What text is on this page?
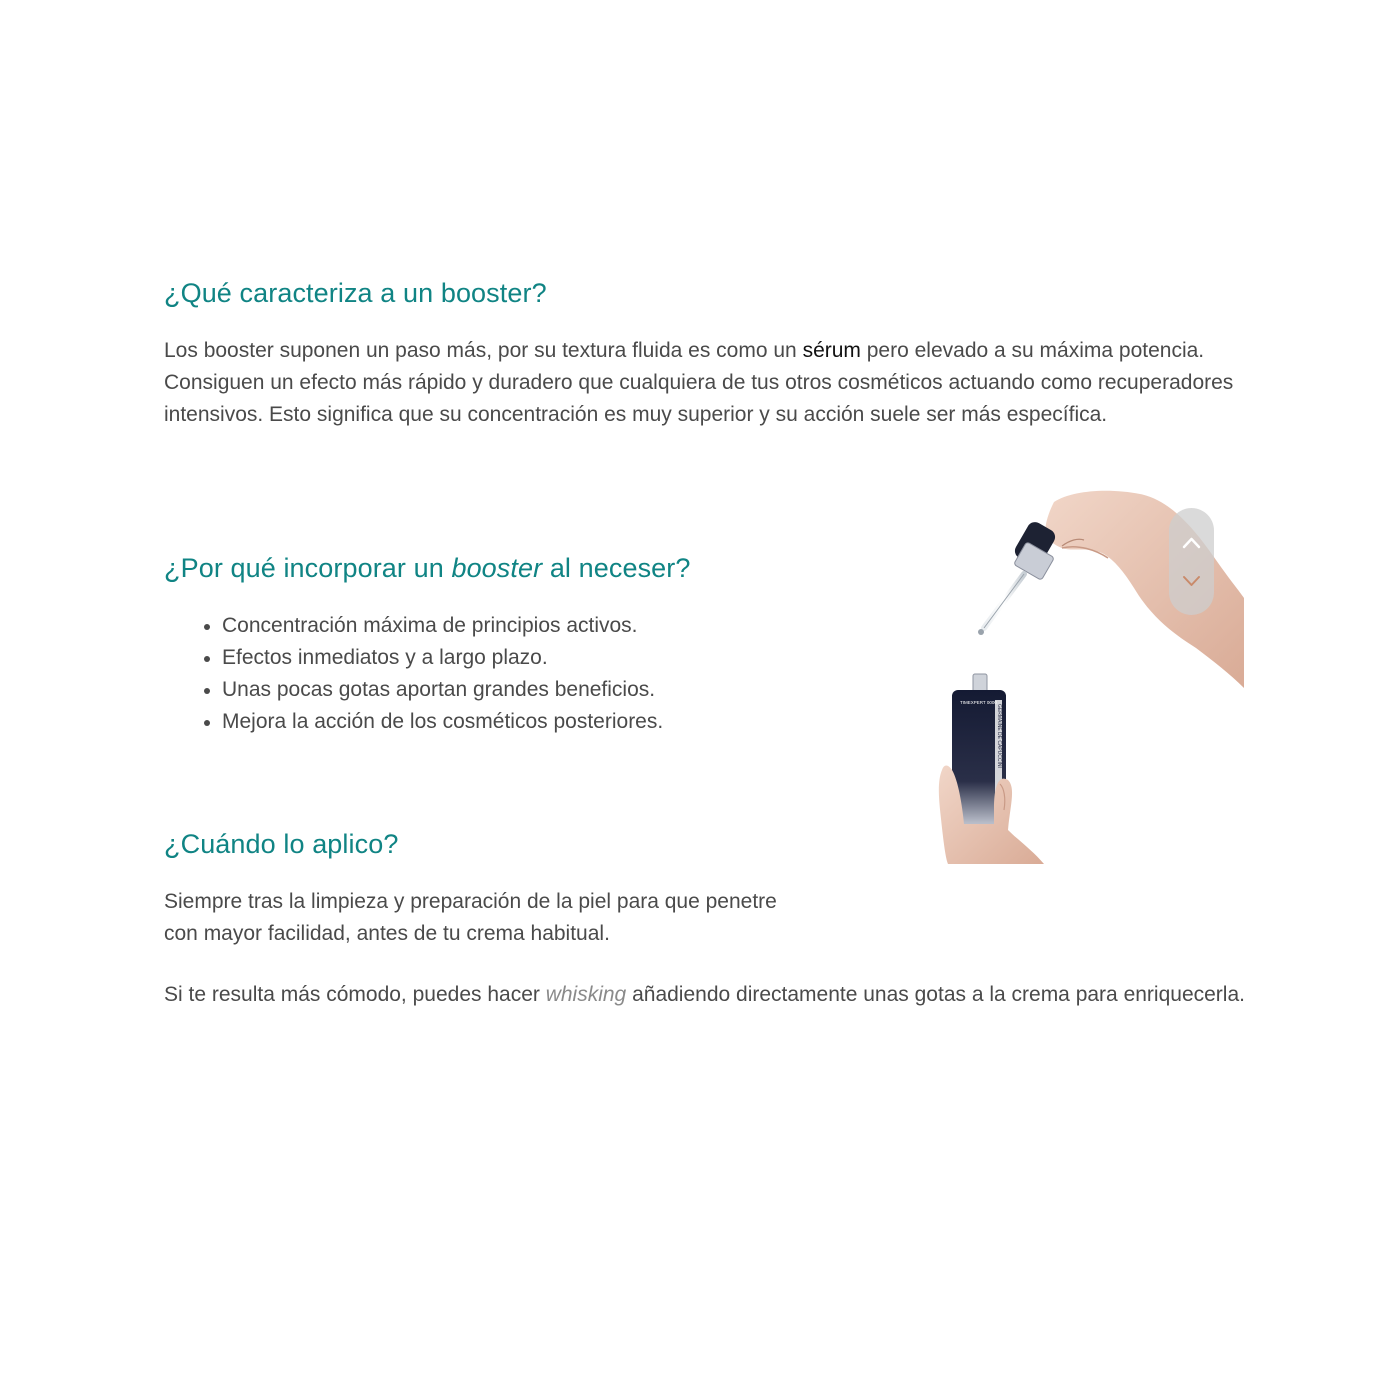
¿Qué caracteriza a un booster?

Los booster suponen un paso más, por su textura fluida es como un sérum pero elevado a su máxima potencia. Consiguen un efecto más rápido y duradero que cualquiera de tus otros cosméticos actuando como recuperadores intensivos. Esto significa que su concentración es muy superior y su acción suele ser más específica.

¿Por qué incorporar un booster al neceser?
Concentración máxima de principios activos.
Efectos inmediatos y a largo plazo.
Unas pocas gotas aportan grandes beneficios.
Mejora la acción de los cosméticos posteriores.
¿Cuándo lo aplico?

Siempre tras la limpieza y preparación de la piel para que penetre con mayor facilidad, antes de tu crema habitual.

Si te resulta más cómodo, puedes hacer whisking añadiendo directamente unas gotas a la crema para enriquecerla.

GERMAINE DE CAPUCCINI
TIMEXPERT 0000
